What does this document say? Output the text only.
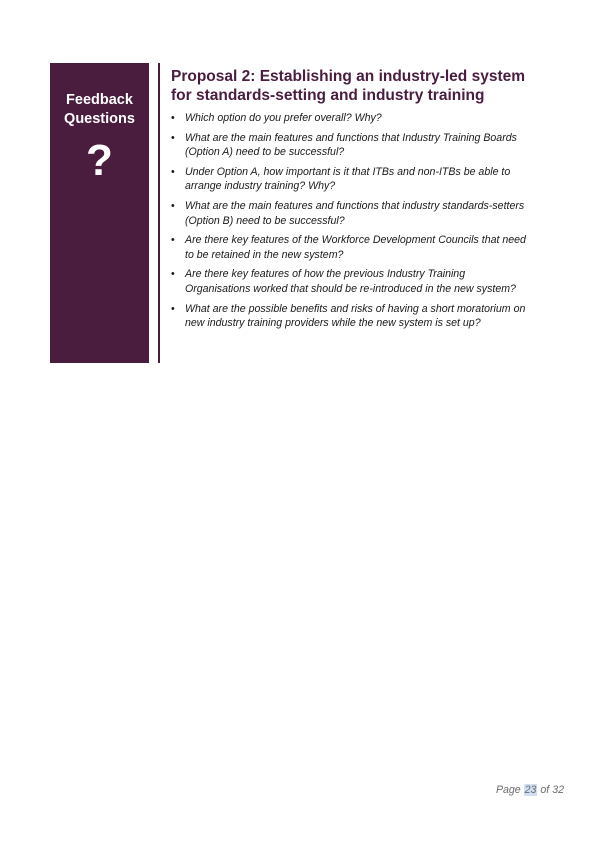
Feedback
Questions
?
Proposal 2: Establishing an industry-led system for standards-setting and industry training
• Which option do you prefer overall? Why?
• What are the main features and functions that Industry Training Boards (Option A) need to be successful?
• Under Option A, how important is it that ITBs and non-ITBs be able to arrange industry training? Why?
• What are the main features and functions that industry standards-setters (Option B) need to be successful?
• Are there key features of the Workforce Development Councils that need to be retained in the new system?
• Are there key features of how the previous Industry Training Organisations worked that should be re-introduced in the new system?
• What are the possible benefits and risks of having a short moratorium on new industry training providers while the new system is set up?
Page 23 of 32
